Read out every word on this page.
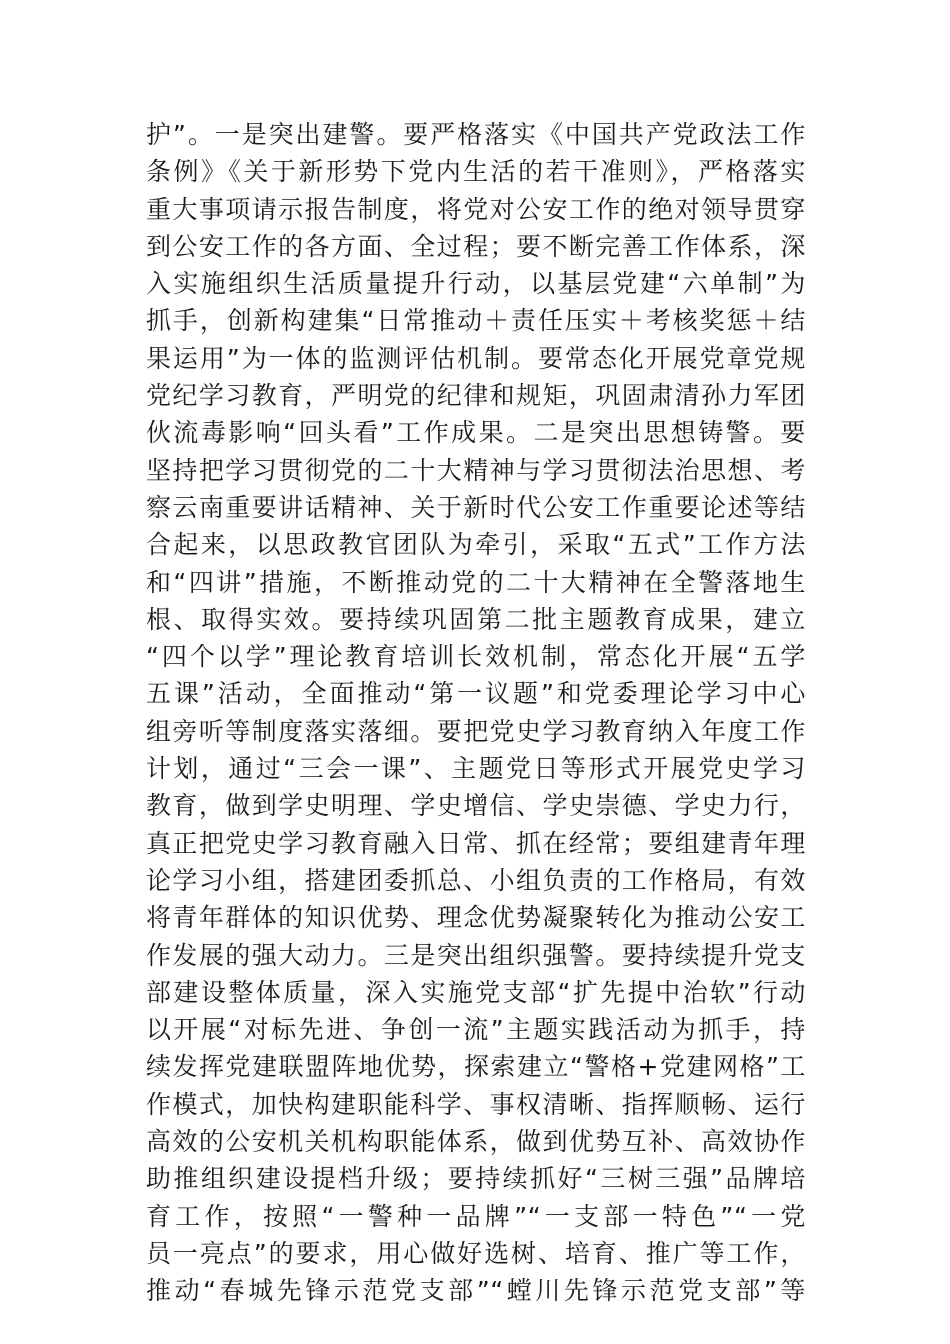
护”。一是突出建警。要严格落实《中国共产党政法工作
条例》《关于新形势下党内生活的若干准则》，严格落实
重大事项请示报告制度，将党对公安工作的绝对领导贯穿
到公安工作的各方面、全过程；要不断完善工作体系，深
入实施组织生活质量提升行动，以基层党建“六单制”为
抓手，创新构建集“日常推动＋责任压实＋考核奖惩＋结
果运用”为一体的监测评估机制。要常态化开展党章党规
党纪学习教育，严明党的纪律和规矩，巩固肃清孙力军团
伙流毒影响“回头看”工作成果。二是突出思想铸警。要
坚持把学习贯彻党的二十大精神与学习贯彻法治思想、考
察云南重要讲话精神、关于新时代公安工作重要论述等结
合起来，以思政教官团队为牵引，采取“五式”工作方法
和“四讲”措施，不断推动党的二十大精神在全警落地生
根、取得实效。要持续巩固第二批主题教育成果，建立
“四个以学”理论教育培训长效机制，常态化开展“五学
五课”活动，全面推动“第一议题”和党委理论学习中心
组旁听等制度落实落细。要把党史学习教育纳入年度工作
计划，通过“三会一课”、主题党日等形式开展党史学习
教育，做到学史明理、学史增信、学史崇德、学史力行，
真正把党史学习教育融入日常、抓在经常；要组建青年理
论学习小组，搭建团委抓总、小组负责的工作格局，有效
将青年群体的知识优势、理念优势凝聚转化为推动公安工
作发展的强大动力。三是突出组织强警。要持续提升党支
部建设整体质量，深入实施党支部“扩先提中治软”行动
以开展“对标先进、争创一流”主题实践活动为抓手，持
续发挥党建联盟阵地优势，探索建立“警格+党建网格”工
作模式，加快构建职能科学、事权清晰、指挥顺畅、运行
高效的公安机关机构职能体系，做到优势互补、高效协作
助推组织建设提档升级；要持续抓好“三树三强”品牌培
育工作，按照“一警种一品牌”“一支部一特色”“一党
员一亮点”的要求，用心做好选树、培育、推广等工作，
推动“春城先锋示范党支部”“螳川先锋示范党支部”等
